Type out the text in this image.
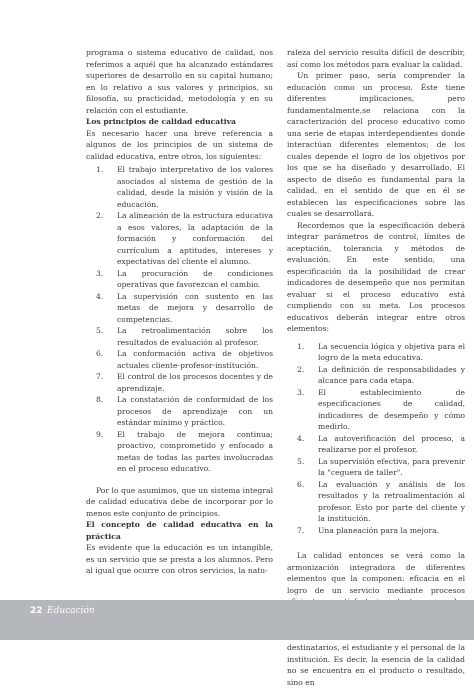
programa o sistema educativo de calidad, nos referimos a aquél que ha alcanzado estándares superiores de desarrollo en su capital humano; en lo relativo a sus valores y principios, su filosofía, su practicidad, metodología y en su relación con el estudiante.

Los principios de calidad educativa

Es necesario hacer una breve referencia a algunos de los principios de un sistema de calidad educativa, entre otros, los siguientes:

1. El trabajo interpretativo de los valores asociados al sistema de gestión de la calidad, desde la misión y visión de la educación.
2. La alineación de la estructura educativa a esos valores, la adaptación de la formación y conformación del currículum a aptitudes, intereses y expectativas del cliente el alumno.
3. La procuración de condiciones operativas que favorezcan el cambio.
4. La supervisión con sustento en las metas de mejora y desarrollo de competencias.
5. La retroalimentación sobre los resultados de evaluación al profesor.
6. La conformación activa de objetivos actuales cliente-profesor-institución.
7. El control de los procesos docentes y de aprendizaje.
8. La constatación de conformidad de los procesos de aprendizaje con un estándar mínimo y práctico.
9. El trabajo de mejora continua; proactivo, comprometido y enfocado a metas de todas las partes involucradas en el proceso educativo.

Por lo que asumimos, que un sistema integral de calidad educativa debe de incorporar por lo menos este conjunto de principios.

El concepto de calidad educativa en la práctica

Es evidente que la educación es un intangible, es un servicio que se presta a los alumnos. Pero al igual que ocurre con otros servicios, la natu-

raleza del servicio resulta difícil de describir, así como los métodos para evaluar la calidad.

Un primer paso, sería comprender la educación como un proceso. Éste tiene diferentes implicaciones, pero fundamentalmente,se relaciona con la caracterización del proceso educativo como una serie de etapas interdependientes donde interactúan diferentes elementos; de los cuales depende el logro de los objetivos por los que se ha diseñado y desarrollado. El aspecto de diseño es fundamental para la calidad, en el sentido de que en él se establecen las especificaciones sobre las cuales se desarrollará.

Recordemos que la especificación deberá integrar parámetros de control, límites de aceptación, tolerancia y métodos de evaluación. En este sentido, una especificación da la posibilidad de crear indicadores de desempeño que nos permitan evaluar si el proceso educativo está cumpliendo con su meta. Los procesos educativos deberán integrar entre otros elementos:

1. La secuencia lógica y objetiva para el logro de la meta educativa.
2. La definición de responsabilidades y alcance para cada etapa.
3. El establecimiento de especificaciones de calidad, indicadores de desempeño y cómo medirlo.
4. La autoverificación del proceso, a realizarse por el profesor.
5. La supervisión efectiva, para prevenir la "ceguera de taller".
6. La evaluación y análisis de los resultados y la retroalimentación al profesor. Esto por parte del cliente y la institución.
7. Una planeación para la mejora.

La calidad entonces se verá como la armonización integradora de diferentes elementos que la componen: eficacia en el logro de un servicio mediante procesos

destinatarios, el estudiante y el personal de la institución. Es decir, la esencia de la calidad no se encuentra en el producto o resultado, sino en

22 Educación
